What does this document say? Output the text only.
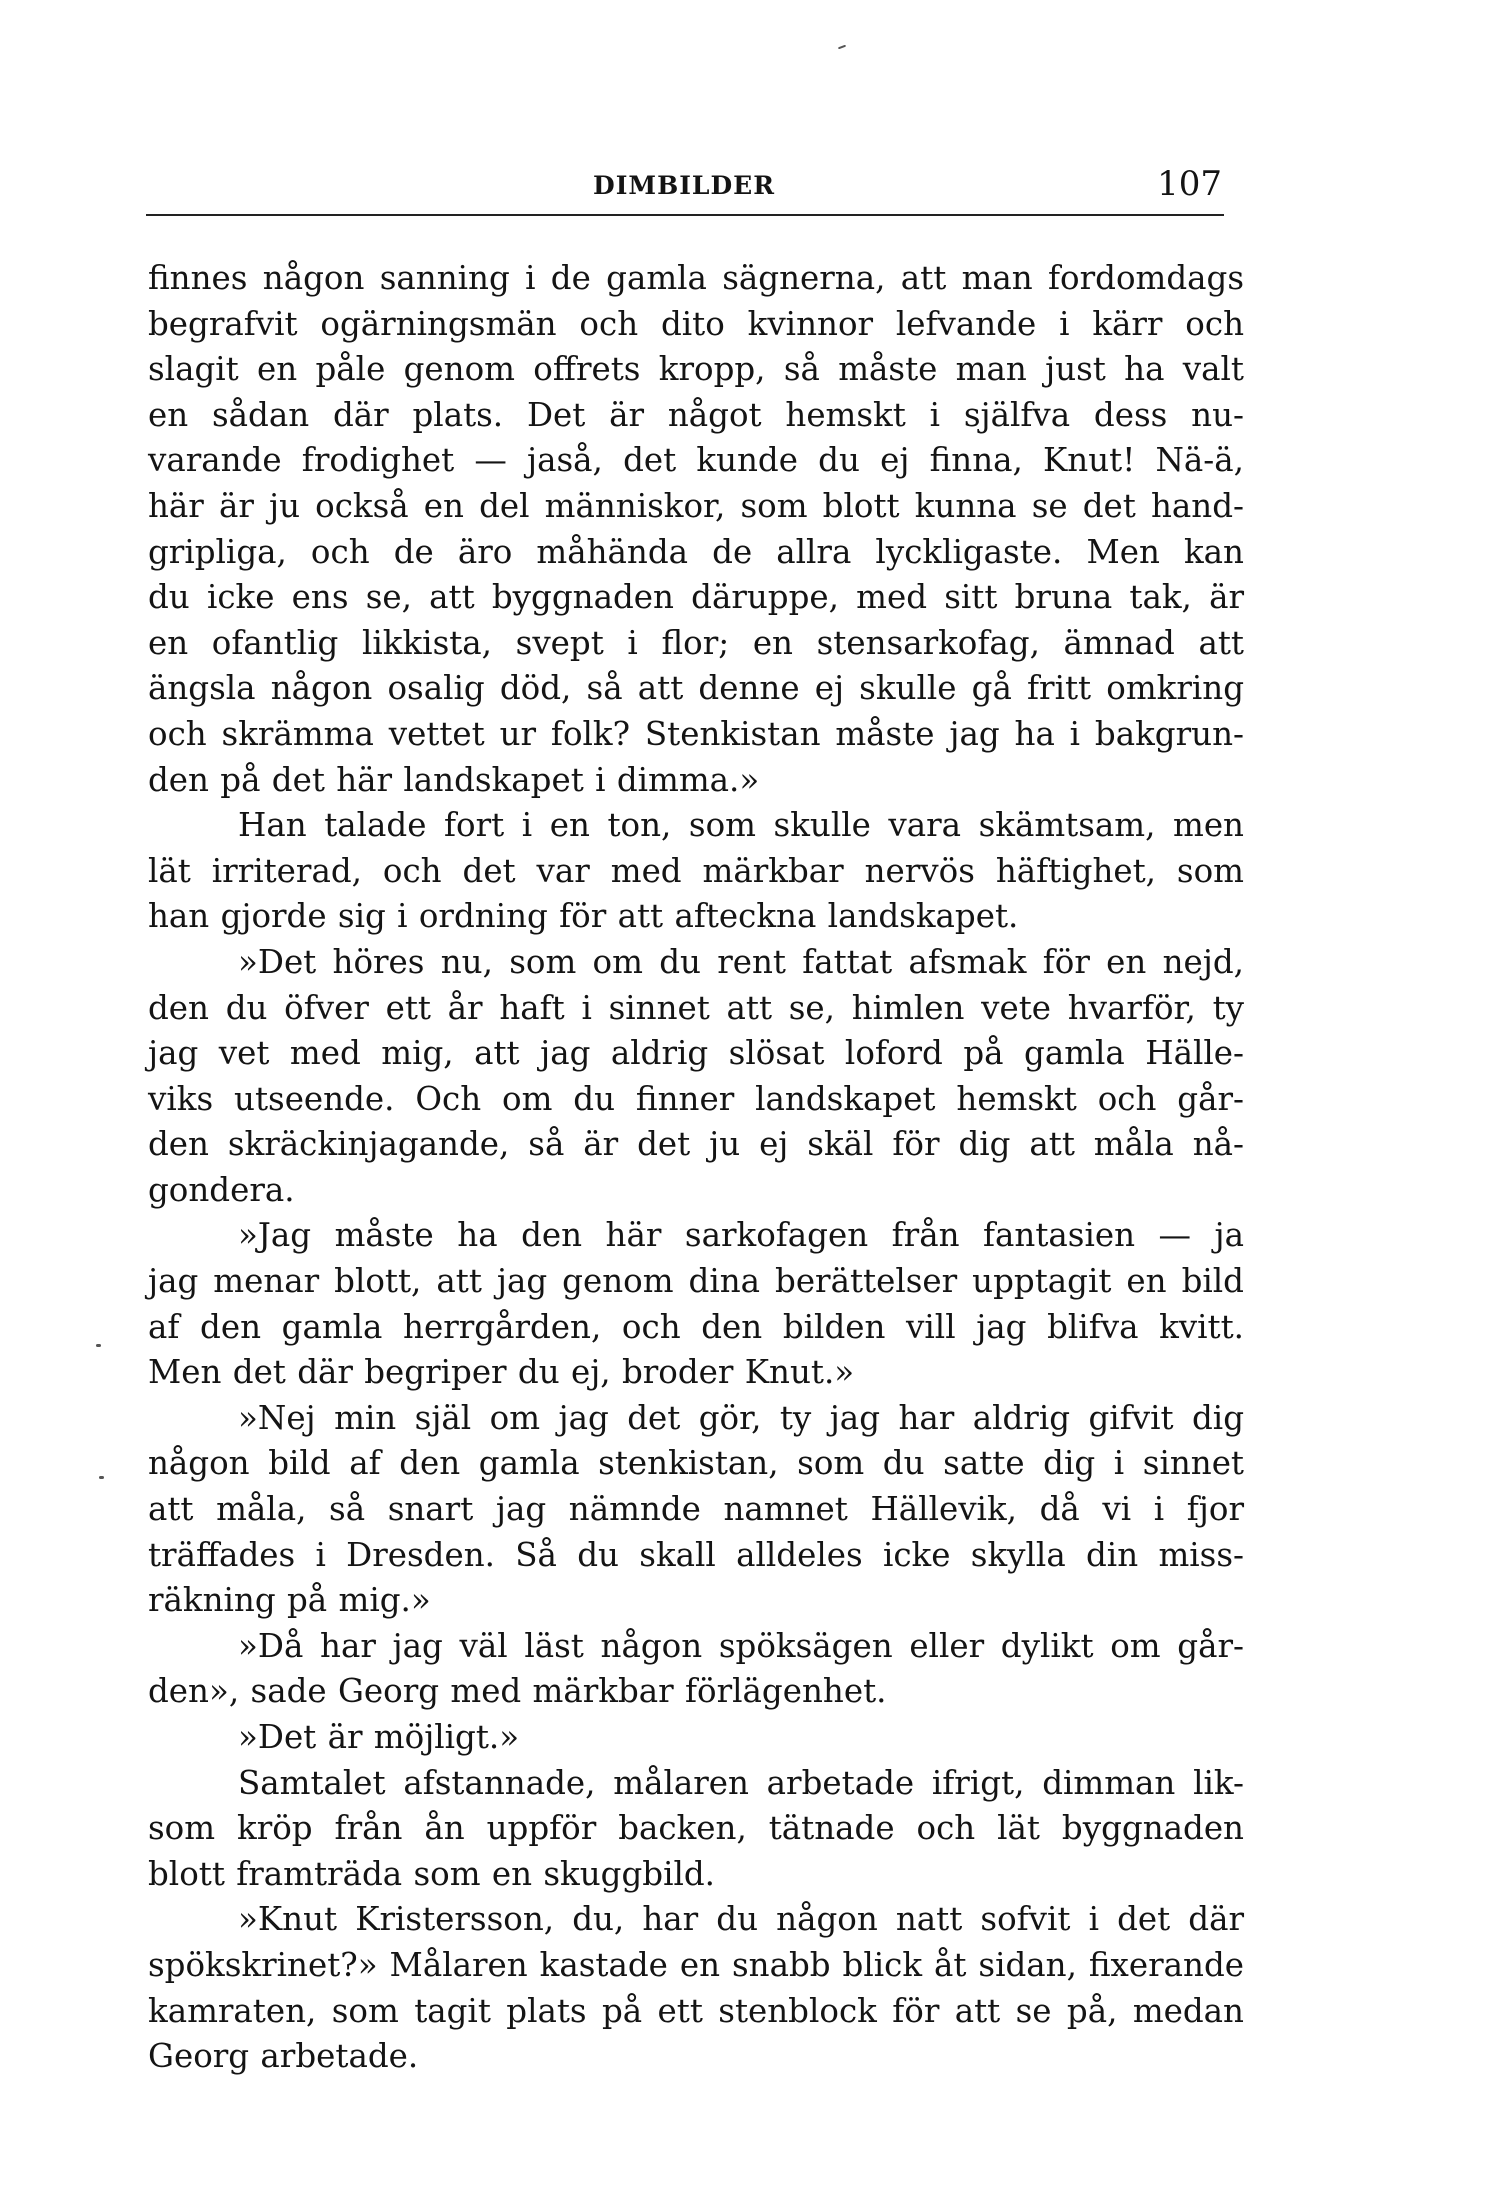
DIMBILDER	107
finnes någon sanning i de gamla sägnerna, att man fordomdags
begrafvit ogärningsmän och dito kvinnor lefvande i kärr och
slagit en påle genom offrets kropp, så måste man just ha valt
en sådan där plats. Det är något hemskt i själfva dess nu-
varande frodighet — jaså, det kunde du ej finna, Knut! Nä-ä,
här är ju också en del människor, som blott kunna se det hand-
gripliga, och de äro måhända de allra lyckligaste. Men kan
du icke ens se, att byggnaden däruppe, med sitt bruna tak, är
en ofantlig likkista, svept i flor; en stensarkofag, ämnad att
ängsla någon osalig död, så att denne ej skulle gå fritt omkring
och skrämma vettet ur folk? Stenkistan måste jag ha i bakgrun-
den på det här landskapet i dimma.»
Han talade fort i en ton, som skulle vara skämtsam, men
lät irriterad, och det var med märkbar nervös häftighet, som
han gjorde sig i ordning för att afteckna landskapet.
»Det höres nu, som om du rent fattat afsmak för en nejd,
den du öfver ett år haft i sinnet att se, himlen vete hvarför, ty
jag vet med mig, att jag aldrig slösat loford på gamla Hälle-
viks utseende. Och om du finner landskapet hemskt och går-
den skräckinjagande, så är det ju ej skäl för dig att måla nå-
gondera.
»Jag måste ha den här sarkofagen från fantasien — ja
jag menar blott, att jag genom dina berättelser upptagit en bild
af den gamla herrgården, och den bilden vill jag blifva kvitt.
Men det där begriper du ej, broder Knut.»
»Nej min själ om jag det gör, ty jag har aldrig gifvit dig
någon bild af den gamla stenkistan, som du satte dig i sinnet
att måla, så snart jag nämnde namnet Hällevik, då vi i fjor
träffades i Dresden. Så du skall alldeles icke skylla din miss-
räkning på mig.»
»Då har jag väl läst någon spöksägen eller dylikt om går-
den», sade Georg med märkbar förlägenhet.
»Det är möjligt.»
Samtalet afstannade, målaren arbetade ifrigt, dimman lik-
som kröp från ån uppför backen, tätnade och lät byggnaden
blott framträda som en skuggbild.
»Knut Kristersson, du, har du någon natt sofvit i det där
spökskrinet?» Målaren kastade en snabb blick åt sidan, fixerande
kamraten, som tagit plats på ett stenblock för att se på, medan
Georg arbetade.
